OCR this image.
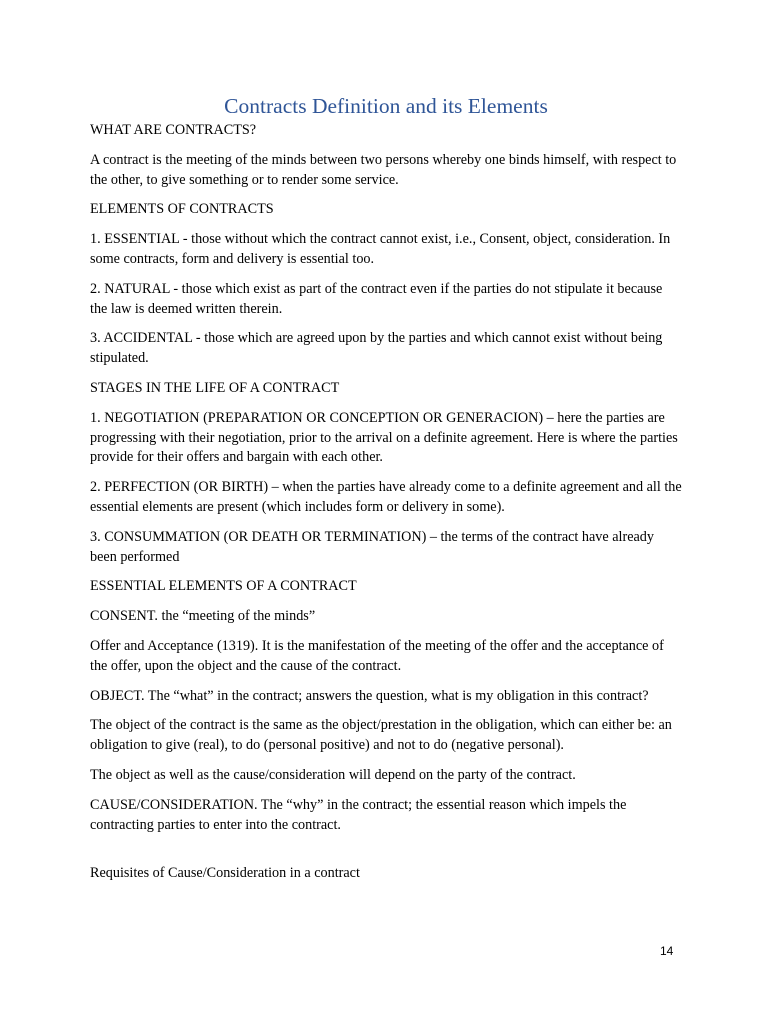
Contracts Definition and its Elements

WHAT ARE CONTRACTS?

A contract is the meeting of the minds between two persons whereby one binds himself, with respect to the other, to give something or to render some service.

ELEMENTS OF CONTRACTS

1. ESSENTIAL - those without which the contract cannot exist, i.e., Consent, object, consideration. In some contracts, form and delivery is essential too.

2. NATURAL - those which exist as part of the contract even if the parties do not stipulate it because the law is deemed written therein.

3. ACCIDENTAL - those which are agreed upon by the parties and which cannot exist without being stipulated.

STAGES IN THE LIFE OF A CONTRACT

1. NEGOTIATION (PREPARATION OR CONCEPTION OR GENERACION) – here the parties are progressing with their negotiation, prior to the arrival on a definite agreement. Here is where the parties provide for their offers and bargain with each other.

2. PERFECTION (OR BIRTH) – when the parties have already come to a definite agreement and all the essential elements are present (which includes form or delivery in some).

3. CONSUMMATION (OR DEATH OR TERMINATION) – the terms of the contract have already been performed

ESSENTIAL ELEMENTS OF A CONTRACT

CONSENT. the “meeting of the minds”

Offer and Acceptance (1319). It is the manifestation of the meeting of the offer and the acceptance of the offer, upon the object and the cause of the contract.

OBJECT. The “what” in the contract; answers the question, what is my obligation in this contract?

The object of the contract is the same as the object/prestation in the obligation, which can either be: an obligation to give (real), to do (personal positive) and not to do (negative personal).

The object as well as the cause/consideration will depend on the party of the contract.

CAUSE/CONSIDERATION. The “why” in the contract; the essential reason which impels the contracting parties to enter into the contract.

Requisites of Cause/Consideration in a contract

14
